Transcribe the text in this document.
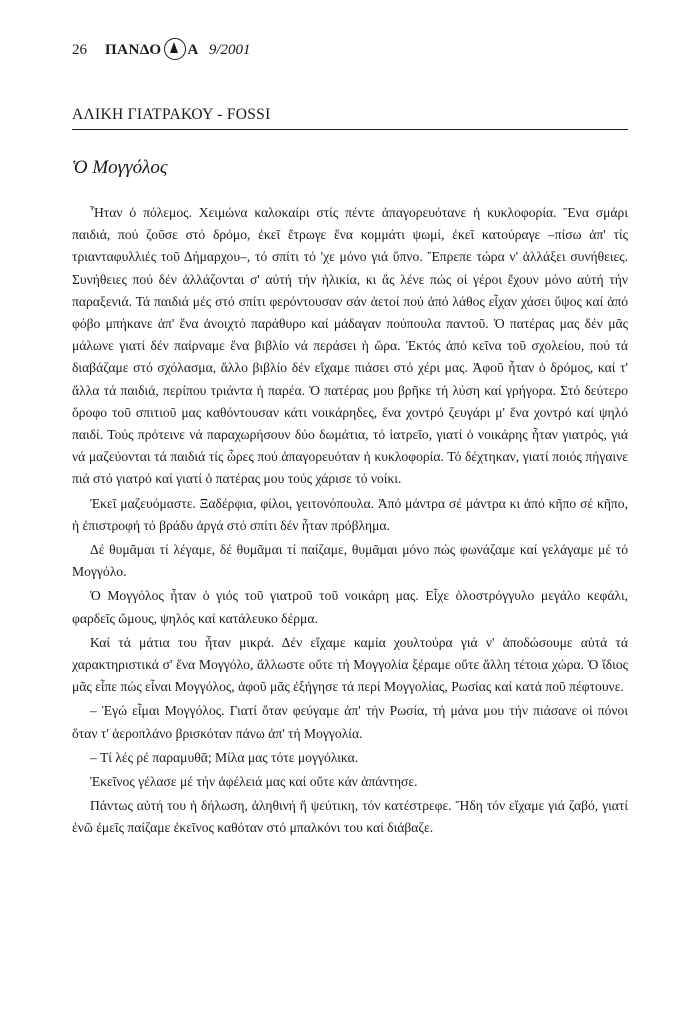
26 ΠΑΝΔΟ Α 9/2001
ΑΛΙΚΗ ΓΙΑΤΡΑΚΟΥ - FOSSI
Ὁ Μογγόλος

Ἦταν ὁ πόλεμος. Χειμώνα καλοκαίρι στίς πέντε ἀπαγορευότανε ἡ κυκλοφορία. Ἕνα σμάρι παιδιά, πού ζοῦσε στό δρόμο, ἐκεῖ ἔτρωγε ἕνα κομμάτι ψωμί, ἐκεῖ κατούραγε –πίσω ἀπ' τίς τριανταφυλλιές τοῦ Δήμαρχου–, τό σπίτι τό 'χε μόνο γιά ὕπνο. Ἔπρεπε τώρα ν' ἀλλάξει συνήθειες. Συνήθειες πού δέν ἀλλάζονται σ' αὐτή τήν ἡλικία, κι ἄς λένε πώς οἱ γέροι ἔχουν μόνο αὐτή τήν παραξενιά. Τά παιδιά μές στό σπίτι φερόντουσαν σάν ἀετοί πού ἀπό λάθος εἶχαν χάσει ὕψος καί ἀπό φόβο μπήκανε ἀπ' ἕνα ἀνοιχτό παράθυρο καί μάδαγαν πούπουλα παντοῦ. Ὁ πατέρας μας δέν μᾶς μάλωνε γιατί δέν παίρναμε ἕνα βιβλίο νά περάσει ἡ ὥρα. Ἐκτός ἀπό κεῖνα τοῦ σχολείου, πού τά διαβάζαμε στό σχόλασμα, ἄλλο βιβλίο δέν εἴχαμε πιάσει στό χέρι μας. Ἀφοῦ ἦταν ὁ δρόμος, καί τ' ἄλλα τά παιδιά, περίπου τριάντα ἡ παρέα. Ὁ πατέρας μου βρῆκε τή λύση καί γρήγορα. Στό δεύτερο ὄροφο τοῦ σπιτιοῦ μας καθόντουσαν κάτι νοικάρηδες, ἕνα χοντρό ζευγάρι μ' ἕνα χοντρό καί ψηλό παιδί. Τούς πρότεινε νά παραχωρήσουν δύο δωμάτια, τό ἰατρεῖο, γιατί ὁ νοικάρης ἦταν γιατρός, γιά νά μαζεύονται τά παιδιά τίς ὧρες πού ἀπαγορευόταν ἡ κυκλοφορία. Τό δέχτηκαν, γιατί ποιός πήγαινε πιά στό γιατρό καί γιατί ὁ πατέρας μου τούς χάρισε τό νοίκι.

Ἐκεῖ μαζευόμαστε. Ξαδέρφια, φίλοι, γειτονόπουλα. Ἀπό μάντρα σέ μάντρα κι ἀπό κῆπο σέ κῆπο, ἡ ἐπιστροφή τό βράδυ ἀργά στό σπίτι δέν ἦταν πρόβλημα.

Δέ θυμᾶμαι τί λέγαμε, δέ θυμᾶμαι τί παίζαμε, θυμᾶμαι μόνο πώς φωνάζαμε καί γελάγαμε μέ τό Μογγόλο.

Ὁ Μογγόλος ἦταν ὁ γιός τοῦ γιατροῦ τοῦ νοικάρη μας. Εἶχε ὁλοστρόγγυλο μεγάλο κεφάλι, φαρδεῖς ὤμους, ψηλός καί κατάλευκο δέρμα.

Καί τά μάτια του ἦταν μικρά. Δέν εἴχαμε καμία χουλτούρα γιά ν' ἀποδώσουμε αὐτά τά χαρακτηριστικά σ' ἕνα Μογγόλο, ἄλλωστε οὔτε τή Μογγολία ξέραμε οὔτε ἄλλη τέτοια χώρα. Ὁ ἴδιος μᾶς εἶπε πώς εἶναι Μογγόλος, ἀφοῦ μᾶς ἐξήγησε τά περί Μογγολίας, Ρωσίας καί κατά ποῦ πέφτουνε.

– Ἐγώ εἶμαι Μογγόλος. Γιατί ὅταν φεύγαμε ἀπ' τήν Ρωσία, τή μάνα μου τήν πιάσανε οἱ πόνοι ὅταν τ' ἀεροπλάνο βρισκόταν πάνω ἀπ' τή Μογγολία.

– Τί λές ρέ παραμυθᾶ; Μίλα μας τότε μογγόλικα.

Ἐκεῖνος γέλασε μέ τήν ἀφέλειά μας καί οὔτε κάν ἀπάντησε.

Πάντως αὐτή του ἡ δήλωση, ἀληθινή ἤ ψεύτικη, τόν κατέστρεφε. Ἤδη τόν εἴχαμε γιά ζαβό, γιατί ἐνῶ ἐμεῖς παίζαμε ἐκεῖνος καθόταν στό μπαλκόνι του καί διάβαζε.
